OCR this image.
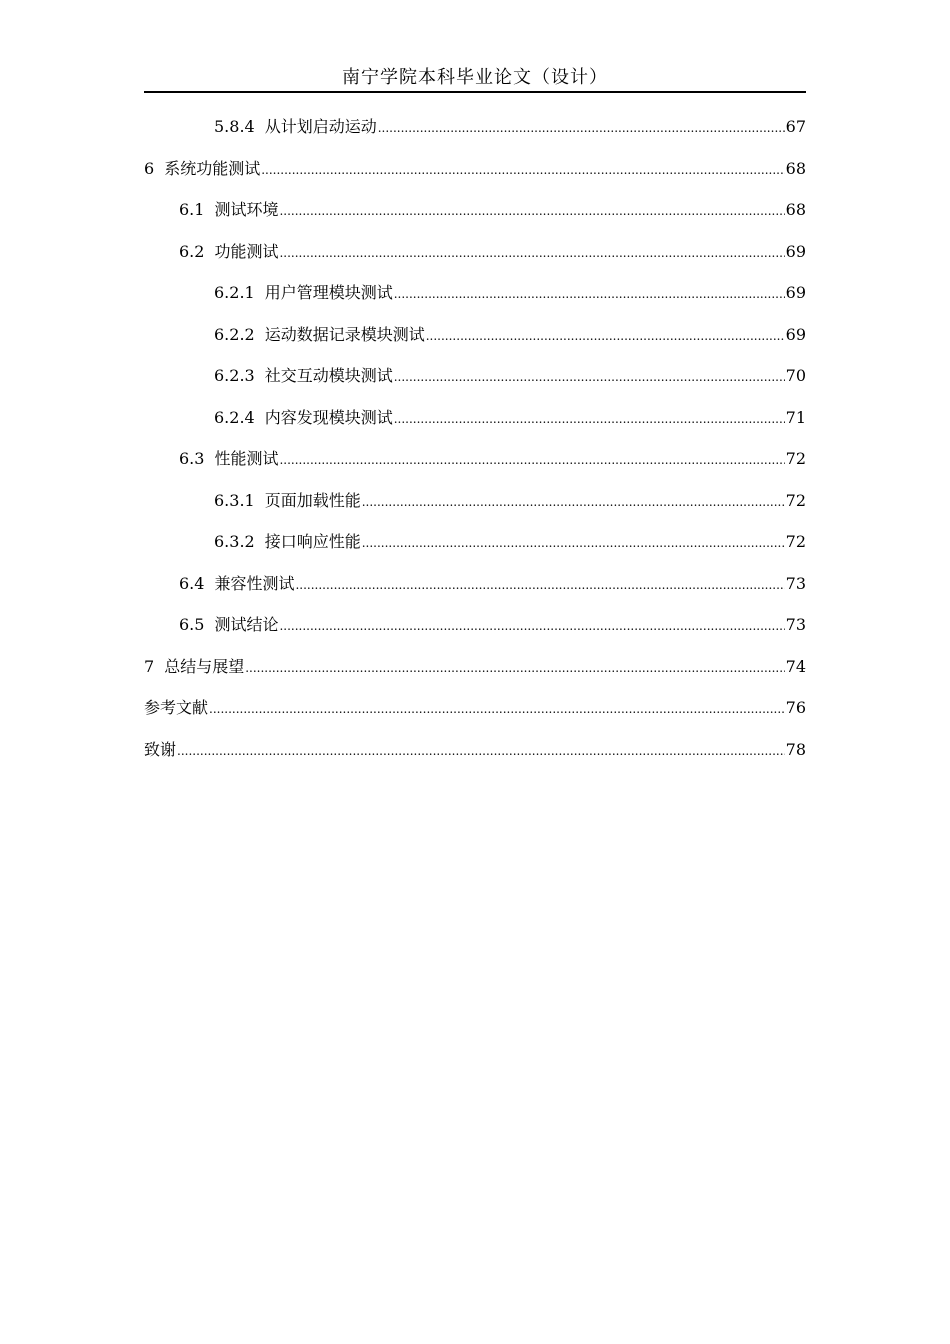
南宁学院本科毕业论文（设计）
5.8.4 从计划启动运动 .....	67
6 系统功能测试 .....	68
6.1 测试环境 .....	68
6.2 功能测试 .....	69
6.2.1 用户管理模块测试 .....	69
6.2.2 运动数据记录模块测试 .....	69
6.2.3 社交互动模块测试 .....	70
6.2.4 内容发现模块测试 .....	71
6.3 性能测试 .....	72
6.3.1 页面加载性能 .....	72
6.3.2 接口响应性能 .....	72
6.4 兼容性测试 .....	73
6.5 测试结论 .....	73
7 总结与展望 .....	74
参考文献 .....	76
致谢 .....	78
